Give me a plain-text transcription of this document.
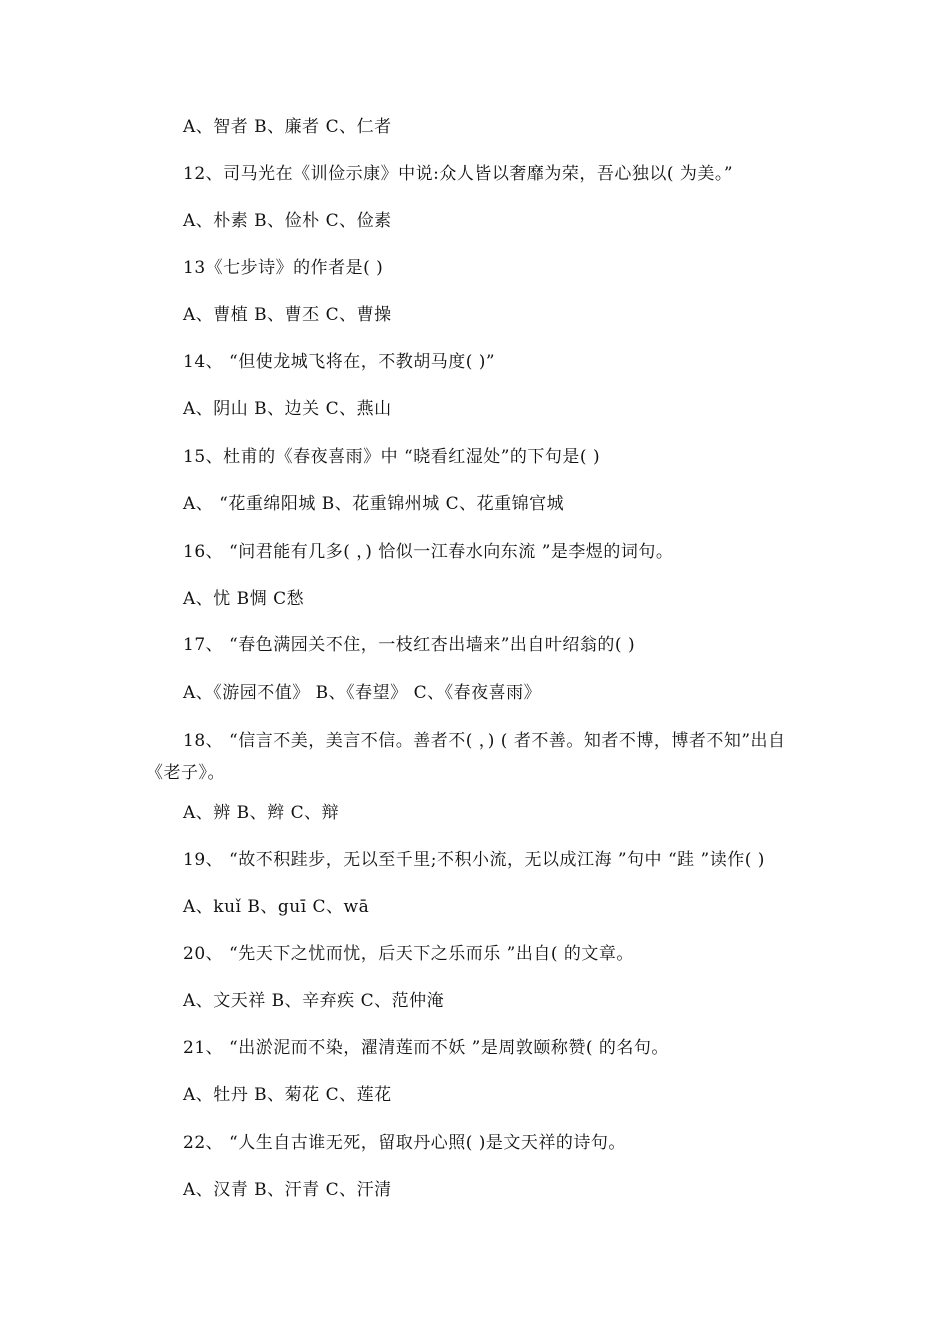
A、智者 B、廉者 C、仁者
12、司马光在《训俭示康》中说:众人皆以奢靡为荣，吾心独以( 为美。”
A、朴素 B、俭朴 C、俭素
13《七步诗》的作者是( )
A、曹植 B、曹丕 C、曹操
14、 “但使龙城飞将在，不教胡马度( )”
A、阴山 B、边关 C、燕山
15、杜甫的《春夜喜雨》中 “晓看红湿处”的下句是( )
A、 “花重绵阳城 B、花重锦州城 C、花重锦官城
16、 “问君能有几多( ，) 恰似一江春水向东流 ”是李煜的词句。
A、忧 B惆 C愁
17、 “春色满园关不住，一枝红杏出墙来”出自叶绍翁的( )
A、《游园不值》 B、《春望》 C、《春夜喜雨》
18、 “信言不美，美言不信。善者不( ，) ( 者不善。知者不博，博者不知”出自《老子》。
A、辨 B、辫 C、辩
19、 “故不积跬步，无以至千里;不积小流，无以成江海 ”句中 “跬 ”读作( )
A、kuǐ B、guī C、wā
20、 “先天下之忧而忧，后天下之乐而乐 ”出自( 的文章。
A、文天祥 B、辛弃疾 C、范仲淹
21、 “出淤泥而不染，濯清莲而不妖 ”是周敦颐称赞( 的名句。
A、牡丹 B、菊花 C、莲花
22、 “人生自古谁无死，留取丹心照( )是文天祥的诗句。
A、汉青 B、汗青 C、汗清
